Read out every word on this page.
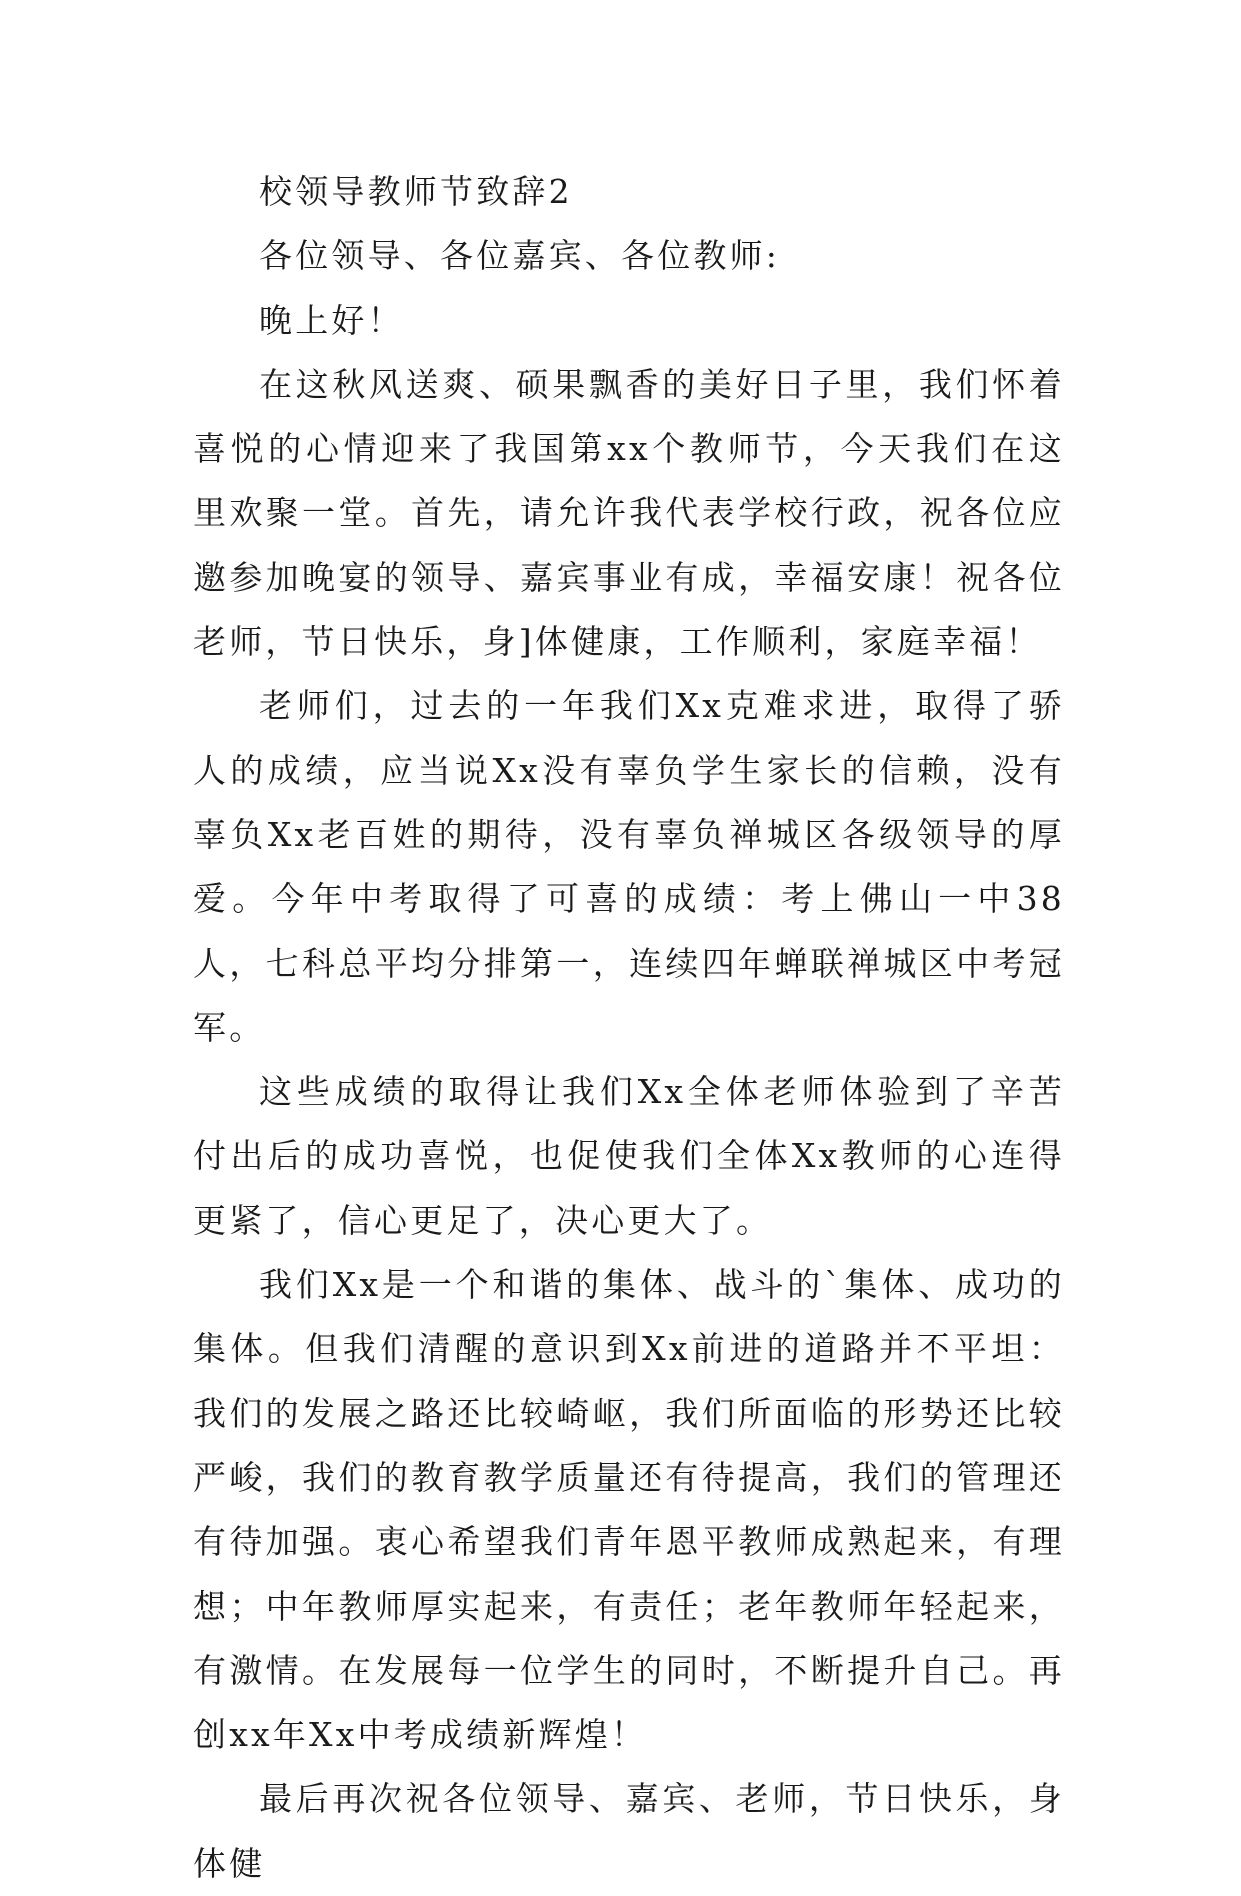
校领导教师节致辞2

各位领导、各位嘉宾、各位教师:

晚上好！

在这秋风送爽、硕果飘香的美好日子里，我们怀着喜悦的心情迎来了我国第xx个教师节，今天我们在这里欢聚一堂。首先，请允许我代表学校行政，祝各位应邀参加晚宴的领导、嘉宾事业有成，幸福安康！祝各位老师，节日快乐，身]体健康，工作顺利，家庭幸福！

老师们，过去的一年我们Xx克难求进，取得了骄人的成绩，应当说Xx没有辜负学生家长的信赖，没有辜负Xx老百姓的期待，没有辜负禅城区各级领导的厚爱。今年中考取得了可喜的成绩：考上佛山一中38人，七科总平均分排第一，连续四年蝉联禅城区中考冠军。

这些成绩的取得让我们Xx全体老师体验到了辛苦付出后的成功喜悦，也促使我们全体Xx教师的心连得更紧了，信心更足了，决心更大了。

我们Xx是一个和谐的集体、战斗的`集体、成功的集体。但我们清醒的意识到Xx前进的道路并不平坦：我们的发展之路还比较崎岖，我们所面临的形势还比较严峻，我们的教育教学质量还有待提高，我们的管理还有待加强。衷心希望我们青年恩平教师成熟起来，有理想；中年教师厚实起来，有责任；老年教师年轻起来，有激情。在发展每一位学生的同时，不断提升自己。再创xx年Xx中考成绩新辉煌！

最后再次祝各位领导、嘉宾、老师，节日快乐，身体健
